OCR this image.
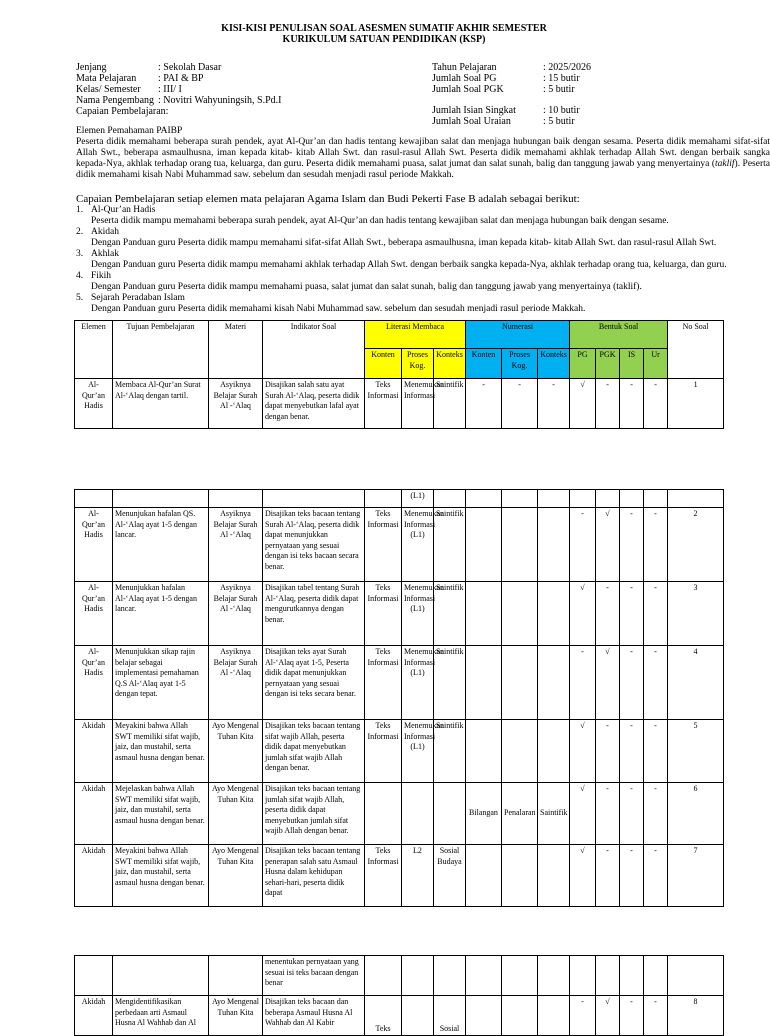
KISI-KISI PENULISAN SOAL ASESMEN SUMATIF AKHIR SEMESTER
KURIKULUM SATUAN PENDIDIKAN (KSP)
Jenjang	: Sekolah Dasar
Mata Pelajaran : PAI & BP
Kelas/ Semester : III/ I
Nama Pengembang : Novitri Wahyuningsih, S.Pd.I
Capaian Pembelajaran:
Tahun Pelajaran	: 2025/2026
Jumlah Soal PG	: 15 butir
Jumlah Soal PGK	: 5 butir
Jumlah Isian Singkat	: 10 butir
Jumlah Soal Uraian	: 5 butir
Elemen Pemahaman PAIBP
Peserta didik memahami beberapa surah pendek, ayat Al-Qur’an dan hadis tentang kewajiban salat dan menjaga hubungan baik dengan sesama. Peserta didik memahami sifat-sifat Allah Swt., beberapa asmaulhusna, iman kepada kitab- kitab Allah Swt. dan rasul-rasul Allah Swt. Peserta didik memahami akhlak terhadap Allah Swt. dengan berbaik sangka kepada-Nya, akhlak terhadap orang tua, keluarga, dan guru. Peserta didik memahami puasa, salat jumat dan salat sunah, balig dan tanggung jawab yang menyertainya (taklif). Peserta didik memahami kisah Nabi Muhammad saw. sebelum dan sesudah menjadi rasul periode Makkah.
Capaian Pembelajaran setiap elemen mata pelajaran Agama Islam dan Budi Pekerti Fase B adalah sebagai berikut:
1. Al-Qur’an Hadis
Peserta didik mampu memahami beberapa surah pendek, ayat Al-Qur’an dan hadis tentang kewajiban salat dan menjaga hubungan baik dengan sesame.
2. Akidah
Dengan Panduan guru Peserta didik mampu memahami sifat-sifat Allah Swt., beberapa asmaulhusna, iman kepada kitab- kitab Allah Swt. dan rasul-rasul Allah Swt.
3. Akhlak
Dengan Panduan guru Peserta didik mampu memahami akhlak terhadap Allah Swt. dengan berbaik sangka kepada-Nya, akhlak terhadap orang tua, keluarga, dan guru.
4. Fikih
Dengan Panduan guru Peserta didik mampu memahami puasa, salat jumat dan salat sunah, balig dan tanggung jawab yang menyertainya (taklif).
5. Sejarah Peradaban Islam
Dengan Panduan guru Peserta didik memahami kisah Nabi Muhammad saw. sebelum dan sesudah menjadi rasul periode Makkah.
Elemen	Tujuan Pembelajaran	Materi	Indikator Soal	Literasi Membaca			Numerasi			Bentuk Soal				No Soal
				Konten	Proses Kog.	Konteks	Konten	Proses Kog.	Konteks	PG	PGK	IS	Ur	
Al-Qur’an Hadis	Membaca Al-Qur’an Surat Al-‘Alaq dengan tartil.	Asyiknya Belajar Surah Al -‘Alaq	Disajikan salah satu ayat Surah Al-‘Alaq, peserta didik dapat menyebutkan lafal ayat dengan benar.	Teks Informasi	Menemukan Informasi	Saintifik	-	-	-	√	-	-	-	1
					(L1)									
Al-Qur’an Hadis	Menunjukan hafalan QS. Al-‘Alaq ayat 1-5 dengan lancar.	Asyiknya Belajar Surah Al -‘Alaq	Disajikan teks bacaan tentang Surah Al-‘Alaq, peserta didik dapat menunjukkan pernyataan yang sesuai dengan isi teks bacaan secara benar.	Teks Informasi	Menemukan Informasi (L1)	Saintifik				-	√	-	-	2
Al-Qur’an Hadis	Menunjukkan hafalan Al-‘Alaq ayat 1-5 dengan lancar.	Asyiknya Belajar Surah Al -‘Alaq	Disajikan tabel tentang Surah Al-‘Alaq, peserta didik dapat mengurutkannya dengan benar.	Teks Informasi	Menemukan Informasi (L1)	Saintifik				√	-	-	-	3
Al-Qur’an Hadis	Menunjukkan sikap rajin belajar sebagai implementasi pemahaman Q.S Al-‘Alaq ayat 1-5 dengan tepat.	Asyiknya Belajar Surah Al -‘Alaq	Disajikan teks ayat Surah Al-‘Alaq ayat 1-5, Peserta didik dapat menunjukkan pernyataan yang sesuai dengan isi teks secara benar.	Teks Informasi	Menemukan Informasi (L1)	Saintifik				-	√	-	-	4
Akidah	Meyakini bahwa Allah SWT memiliki sifat wajib, jaiz, dan mustahil, serta asmaul husna dengan benar.	Ayo Mengenal Tuhan Kita	Disajikan teks bacaan tentang sifat wajib Allah, peserta didik dapat menyebutkan jumlah sifat wajib Allah dengan benar.	Teks Informasi	Menemukan Informasi (L1)	Saintifik				√	-	-	-	5
Akidah	Mejelaskan bahwa Allah SWT memiliki sifat wajib, jaiz, dan mustahil, serta asmaul husna dengan benar.	Ayo Mengenal Tuhan Kita	Disajikan teks bacaan tentang jumlah sifat wajib Allah, peserta didik dapat menyebutkan jumlah sifat wajib Allah dengan benar.				Bilangan	Penalaran	Saintifik	√	-	-	-	6
Akidah	Meyakini bahwa Allah SWT memiliki sifat wajib, jaiz, dan mustahil, serta asmaul husna dengan benar.	Ayo Mengenal Tuhan Kita	Disajikan teks bacaan tentang penerapan salah satu Asmaul Husna dalam kehidupan sehari-hari, peserta didik dapat	Teks Informasi	L2	Sosial Budaya				√	-	-	-	7
			menentukan pernyataan yang sesuai isi teks bacaan dengan benar											
Akidah	Mengidentifikasikan perbedaan arti Asmaul Husna Al Wahhab dan Al	Ayo Mengenal Tuhan Kita	Disajikan teks bacaan dan beberapa Asmaul Husna Al Wahhab dan Al Kabir	Teks		Sosial				-	√	-	-	8
